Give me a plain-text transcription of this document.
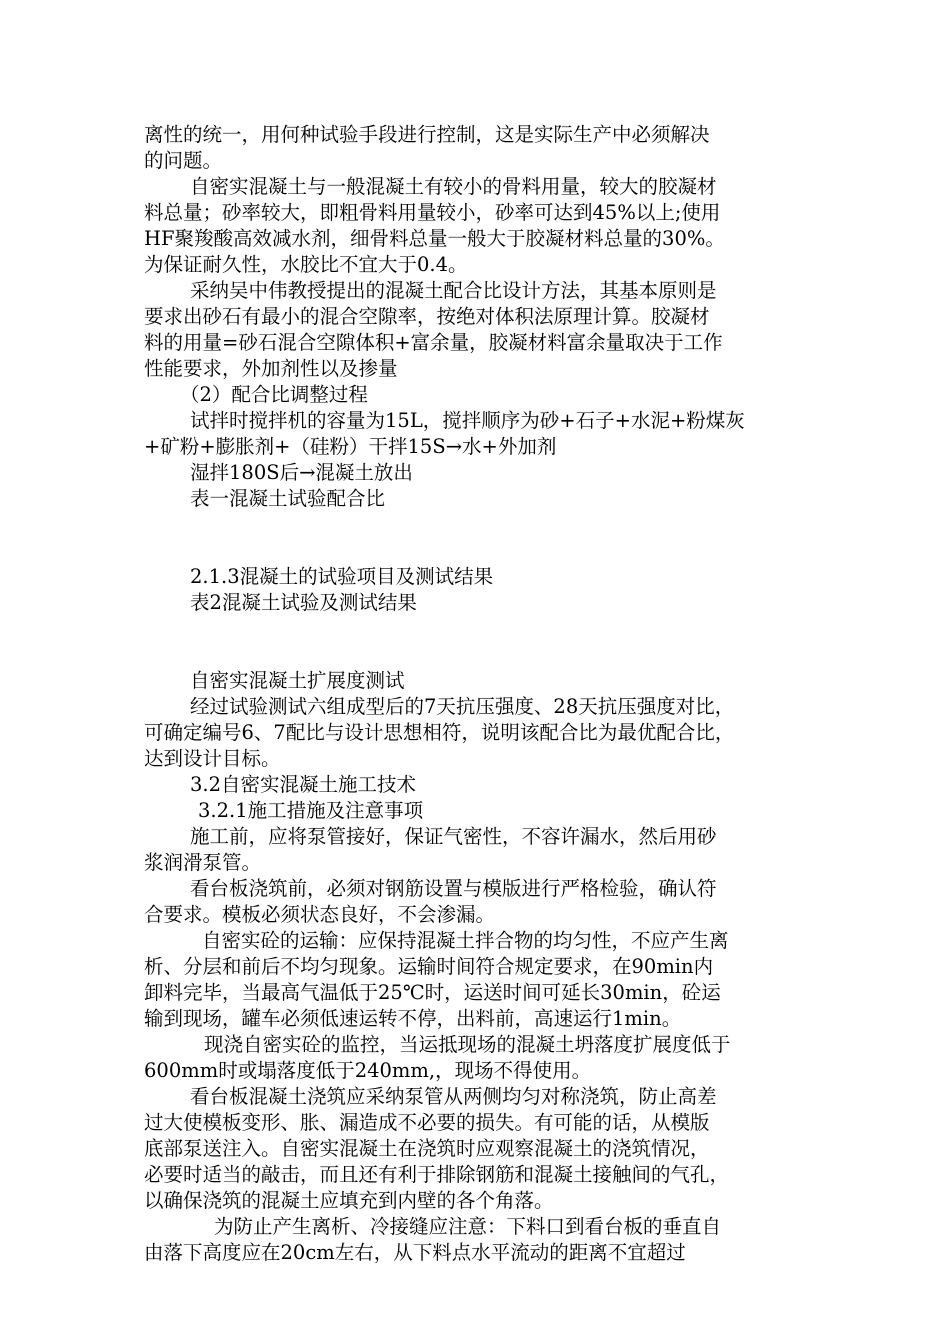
离性的统一，用何种试验手段进行控制，这是实际生产中必须解决
的问题。
自密实混凝土与一般混凝土有较小的骨料用量，较大的胶凝材
料总量；砂率较大，即粗骨料用量较小，砂率可达到45%以上;使用
HF聚羧酸高效减水剂，细骨料总量一般大于胶凝材料总量的30%。
为保证耐久性，水胶比不宜大于0.4。
采纳吴中伟教授提出的混凝土配合比设计方法，其基本原则是
要求出砂石有最小的混合空隙率，按绝对体积法原理计算。胶凝材
料的用量=砂石混合空隙体积+富余量，胶凝材料富余量取决于工作
性能要求，外加剂性以及掺量
（2）配合比调整过程
试拌时搅拌机的容量为15L，搅拌顺序为砂+石子+水泥+粉煤灰
+矿粉+膨胀剂+（硅粉）干拌15S→水+外加剂
湿拌180S后→混凝土放出
表一混凝土试验配合比
2.1.3混凝土的试验项目及测试结果
表2混凝土试验及测试结果
自密实混凝土扩展度测试
经过试验测试六组成型后的7天抗压强度、28天抗压强度对比，
可确定编号6、7配比与设计思想相符，说明该配合比为最优配合比，
达到设计目标。
3.2自密实混凝土施工技术
3.2.1施工措施及注意事项
施工前，应将泵管接好，保证气密性，不容许漏水，然后用砂
浆润滑泵管。
看台板浇筑前，必须对钢筋设置与模版进行严格检验，确认符
合要求。模板必须状态良好，不会渗漏。
自密实砼的运输：应保持混凝土拌合物的均匀性，不应产生离
析、分层和前后不均匀现象。运输时间符合规定要求，在90min内
卸料完毕，当最高气温低于25℃时，运送时间可延长30min，砼运
输到现场，罐车必须低速运转不停，出料前，高速运行1min。
现浇自密实砼的监控，当运抵现场的混凝土坍落度扩展度低于
600mm时或塌落度低于240mm,，现场不得使用。
看台板混凝土浇筑应采纳泵管从两侧均匀对称浇筑，防止高差
过大使模板变形、胀、漏造成不必要的损失。有可能的话，从模版
底部泵送注入。自密实混凝土在浇筑时应观察混凝土的浇筑情况，
必要时适当的敲击，而且还有利于排除钢筋和混凝土接触间的气孔，
以确保浇筑的混凝土应填充到内壁的各个角落。
为防止产生离析、冷接缝应注意：下料口到看台板的垂直自
由落下高度应在20cm左右，从下料点水平流动的距离不宜超过
